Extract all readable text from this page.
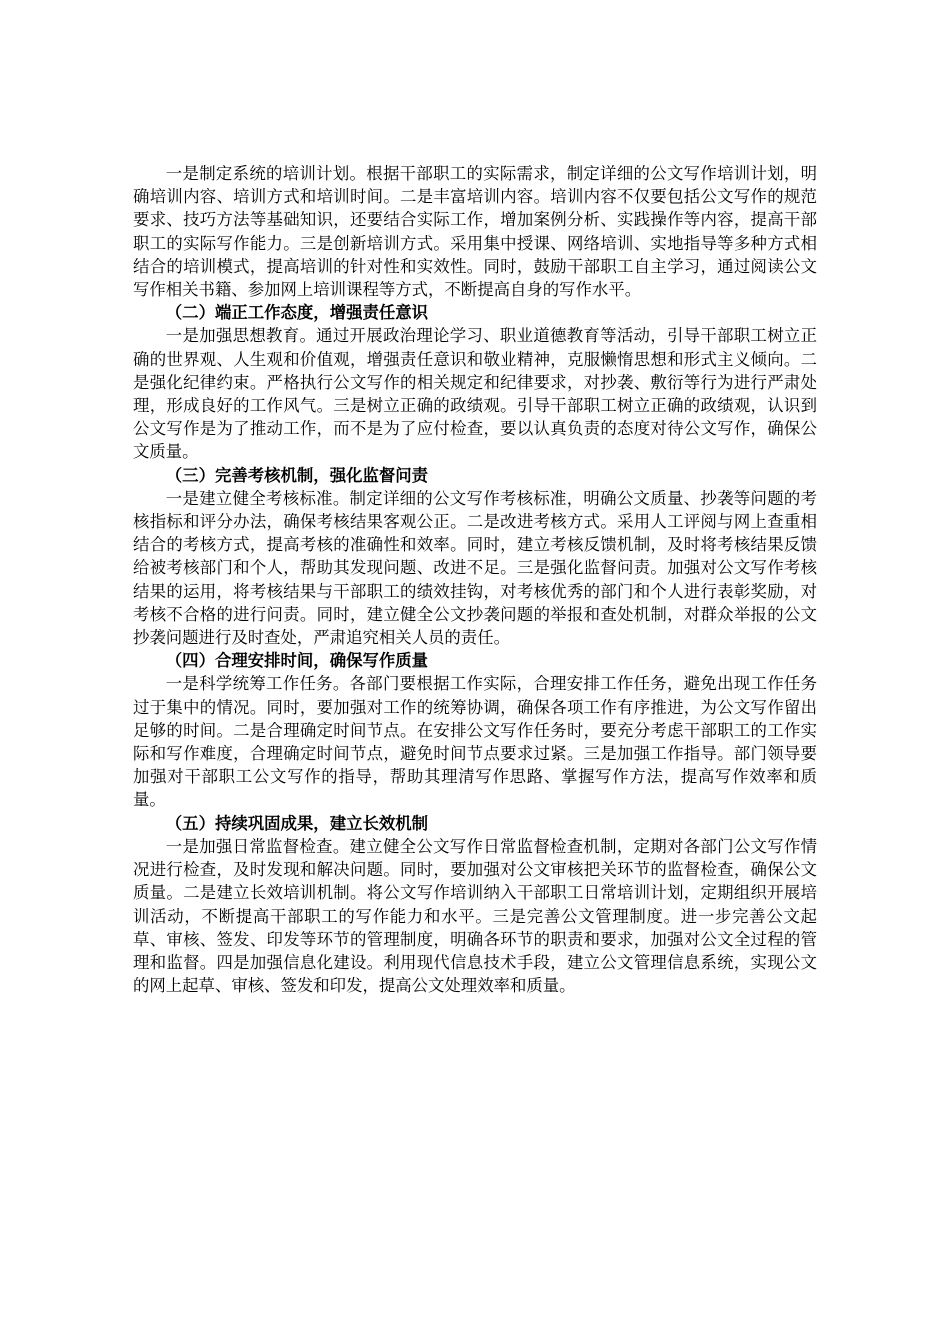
一是制定系统的培训计划。根据干部职工的实际需求，制定详细的公文写作培训计划，明确培训内容、培训方式和培训时间。二是丰富培训内容。培训内容不仅要包括公文写作的规范要求、技巧方法等基础知识，还要结合实际工作，增加案例分析、实践操作等内容，提高干部职工的实际写作能力。三是创新培训方式。采用集中授课、网络培训、实地指导等多种方式相结合的培训模式，提高培训的针对性和实效性。同时，鼓励干部职工自主学习，通过阅读公文写作相关书籍、参加网上培训课程等方式，不断提高自身的写作水平。

（二）端正工作态度，增强责任意识

一是加强思想教育。通过开展政治理论学习、职业道德教育等活动，引导干部职工树立正确的世界观、人生观和价值观，增强责任意识和敬业精神，克服懒惰思想和形式主义倾向。二是强化纪律约束。严格执行公文写作的相关规定和纪律要求，对抄袭、敷衍等行为进行严肃处理，形成良好的工作风气。三是树立正确的政绩观。引导干部职工树立正确的政绩观，认识到公文写作是为了推动工作，而不是为了应付检查，要以认真负责的态度对待公文写作，确保公文质量。

（三）完善考核机制，强化监督问责

一是建立健全考核标准。制定详细的公文写作考核标准，明确公文质量、抄袭等问题的考核指标和评分办法，确保考核结果客观公正。二是改进考核方式。采用人工评阅与网上查重相结合的考核方式，提高考核的准确性和效率。同时，建立考核反馈机制，及时将考核结果反馈给被考核部门和个人，帮助其发现问题、改进不足。三是强化监督问责。加强对公文写作考核结果的运用，将考核结果与干部职工的绩效挂钩，对考核优秀的部门和个人进行表彰奖励，对考核不合格的进行问责。同时，建立健全公文抄袭问题的举报和查处机制，对群众举报的公文抄袭问题进行及时查处，严肃追究相关人员的责任。

（四）合理安排时间，确保写作质量

一是科学统筹工作任务。各部门要根据工作实际，合理安排工作任务，避免出现工作任务过于集中的情况。同时，要加强对工作的统筹协调，确保各项工作有序推进，为公文写作留出足够的时间。二是合理确定时间节点。在安排公文写作任务时，要充分考虑干部职工的工作实际和写作难度，合理确定时间节点，避免时间节点要求过紧。三是加强工作指导。部门领导要加强对干部职工公文写作的指导，帮助其理清写作思路、掌握写作方法，提高写作效率和质量。

（五）持续巩固成果，建立长效机制

一是加强日常监督检查。建立健全公文写作日常监督检查机制，定期对各部门公文写作情况进行检查，及时发现和解决问题。同时，要加强对公文审核把关环节的监督检查，确保公文质量。二是建立长效培训机制。将公文写作培训纳入干部职工日常培训计划，定期组织开展培训活动，不断提高干部职工的写作能力和水平。三是完善公文管理制度。进一步完善公文起草、审核、签发、印发等环节的管理制度，明确各环节的职责和要求，加强对公文全过程的管理和监督。四是加强信息化建设。利用现代信息技术手段，建立公文管理信息系统，实现公文的网上起草、审核、签发和印发，提高公文处理效率和质量。
